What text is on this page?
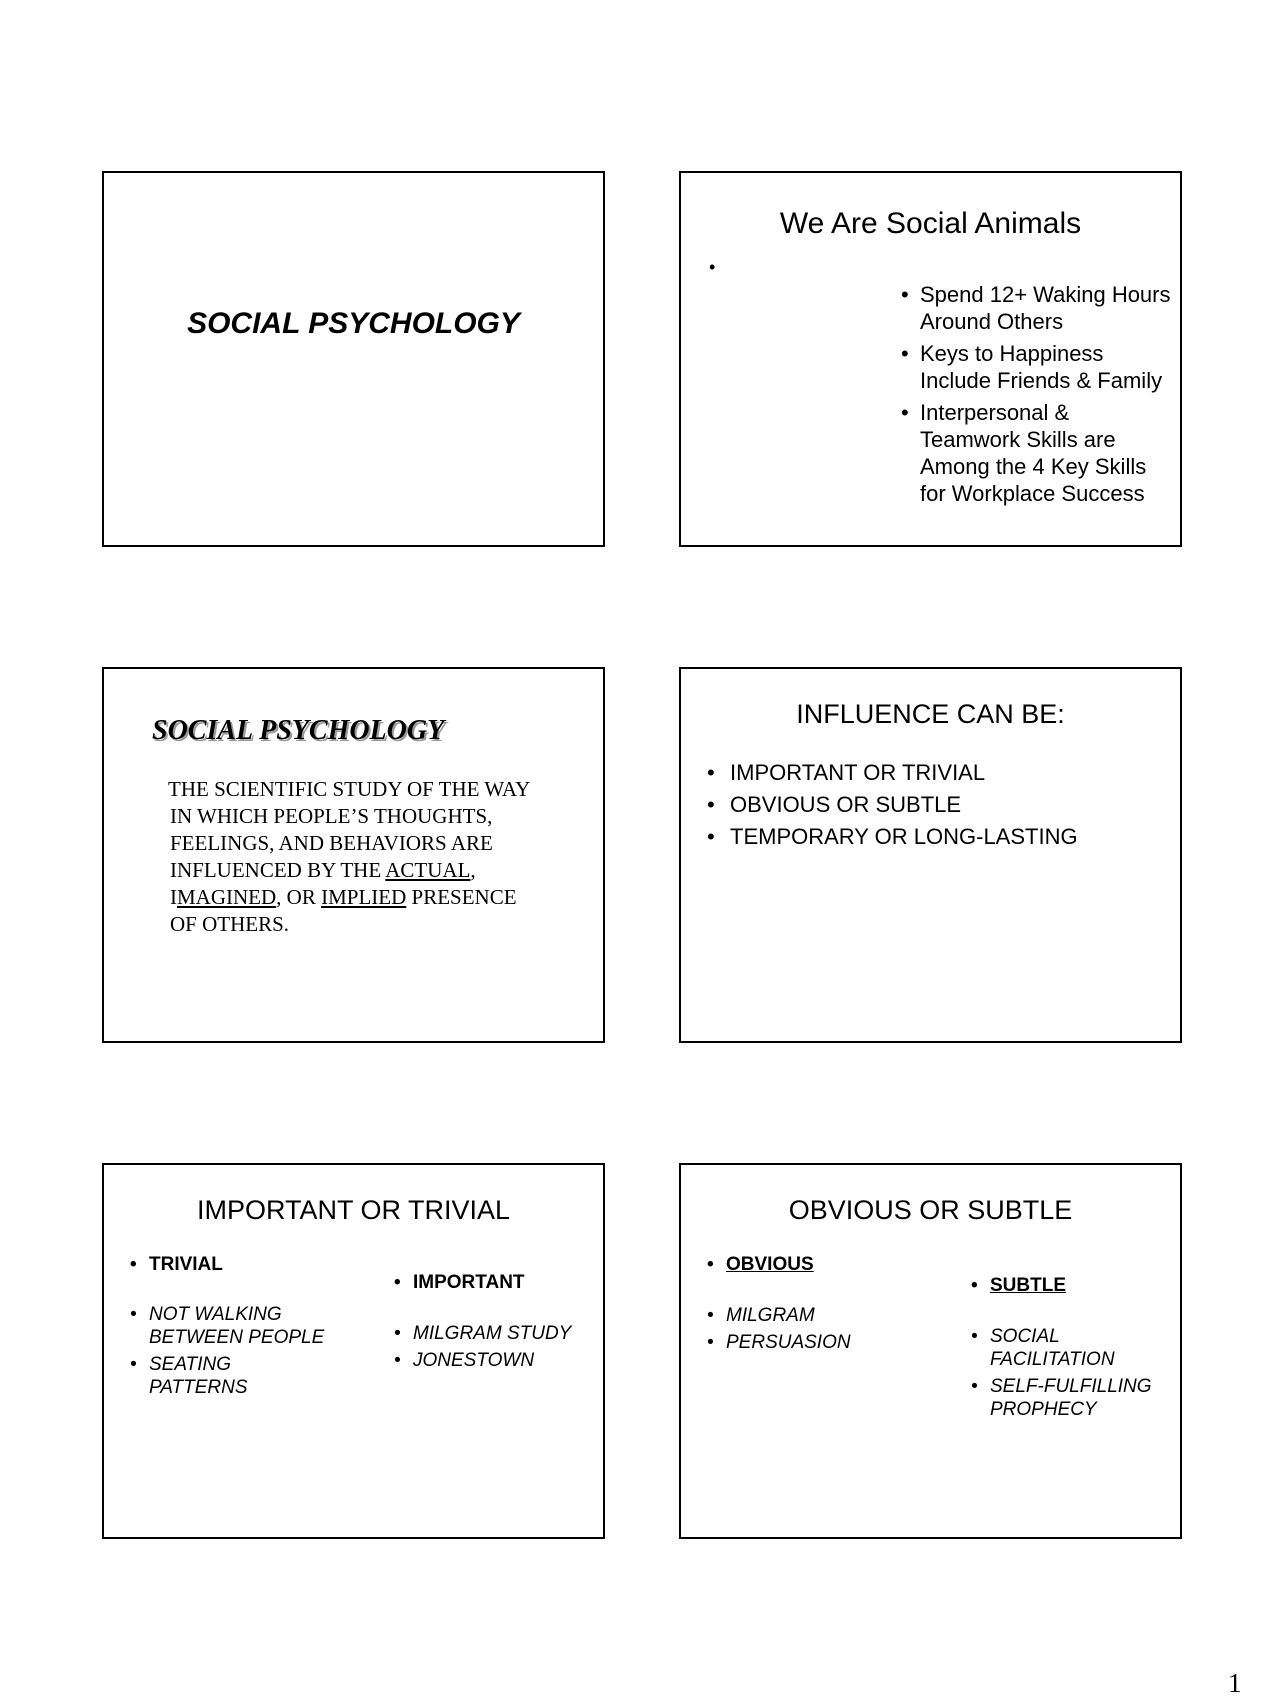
SOCIAL PSYCHOLOGY
We Are Social Animals
•
• Spend 12+ Waking Hours
Around Others
• Keys to Happiness
Include Friends & Family
• Interpersonal &
Teamwork Skills are
Among the 4 Key Skills
for Workplace Success
SOCIAL PSYCHOLOGY
THE SCIENTIFIC STUDY OF THE WAY
IN WHICH PEOPLE’S THOUGHTS,
FEELINGS, AND BEHAVIORS ARE
INFLUENCED BY THE ACTUAL,
IMAGINED, OR IMPLIED PRESENCE
OF OTHERS.
INFLUENCE CAN BE:
• IMPORTANT OR TRIVIAL
• OBVIOUS OR SUBTLE
• TEMPORARY OR LONG-LASTING
IMPORTANT OR TRIVIAL
• TRIVIAL
• NOT WALKING
BETWEEN PEOPLE
• SEATING
PATTERNS
• IMPORTANT
• MILGRAM STUDY
• JONESTOWN
OBVIOUS OR SUBTLE
• OBVIOUS
• MILGRAM
• PERSUASION
• SUBTLE
• SOCIAL
FACILITATION
• SELF-FULFILLING
PROPHECY
1
